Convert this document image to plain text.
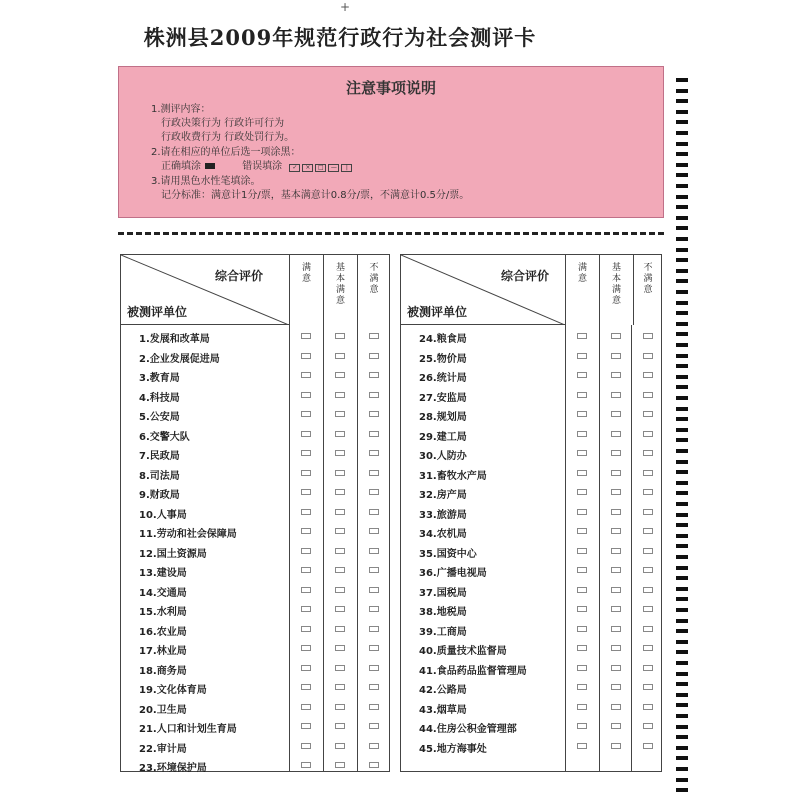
+
株洲县2009年规范行政行为社会测评卡
注意事项说明
1.测评内容：
行政决策行为 行政许可行为
行政收费行为 行政处罚行为。
2.请在相应的单位后选一项涂黑：
正确填涂	错误填涂 ✓ × □ — |
3.请用黑色水性笔填涂。
记分标准：满意计1分/票，基本满意计0.8分/票，不满意计0.5分/票。
综合评价
被测评单位
满
意
基
本
满
意
不
满
意
1.发展和改革局
2.企业发展促进局
3.教育局
4.科技局
5.公安局
6.交警大队
7.民政局
8.司法局
9.财政局
10.人事局
11.劳动和社会保障局
12.国土资源局
13.建设局
14.交通局
15.水利局
16.农业局
17.林业局
18.商务局
19.文化体育局
20.卫生局
21.人口和计划生育局
22.审计局
23.环境保护局
综合评价
被测评单位
满
意
基
本
满
意
不
满
意
24.粮食局
25.物价局
26.统计局
27.安监局
28.规划局
29.建工局
30.人防办
31.畜牧水产局
32.房产局
33.旅游局
34.农机局
35.国资中心
36.广播电视局
37.国税局
38.地税局
39.工商局
40.质量技术监督局
41.食品药品监督管理局
42.公路局
43.烟草局
44.住房公积金管理部
45.地方海事处
